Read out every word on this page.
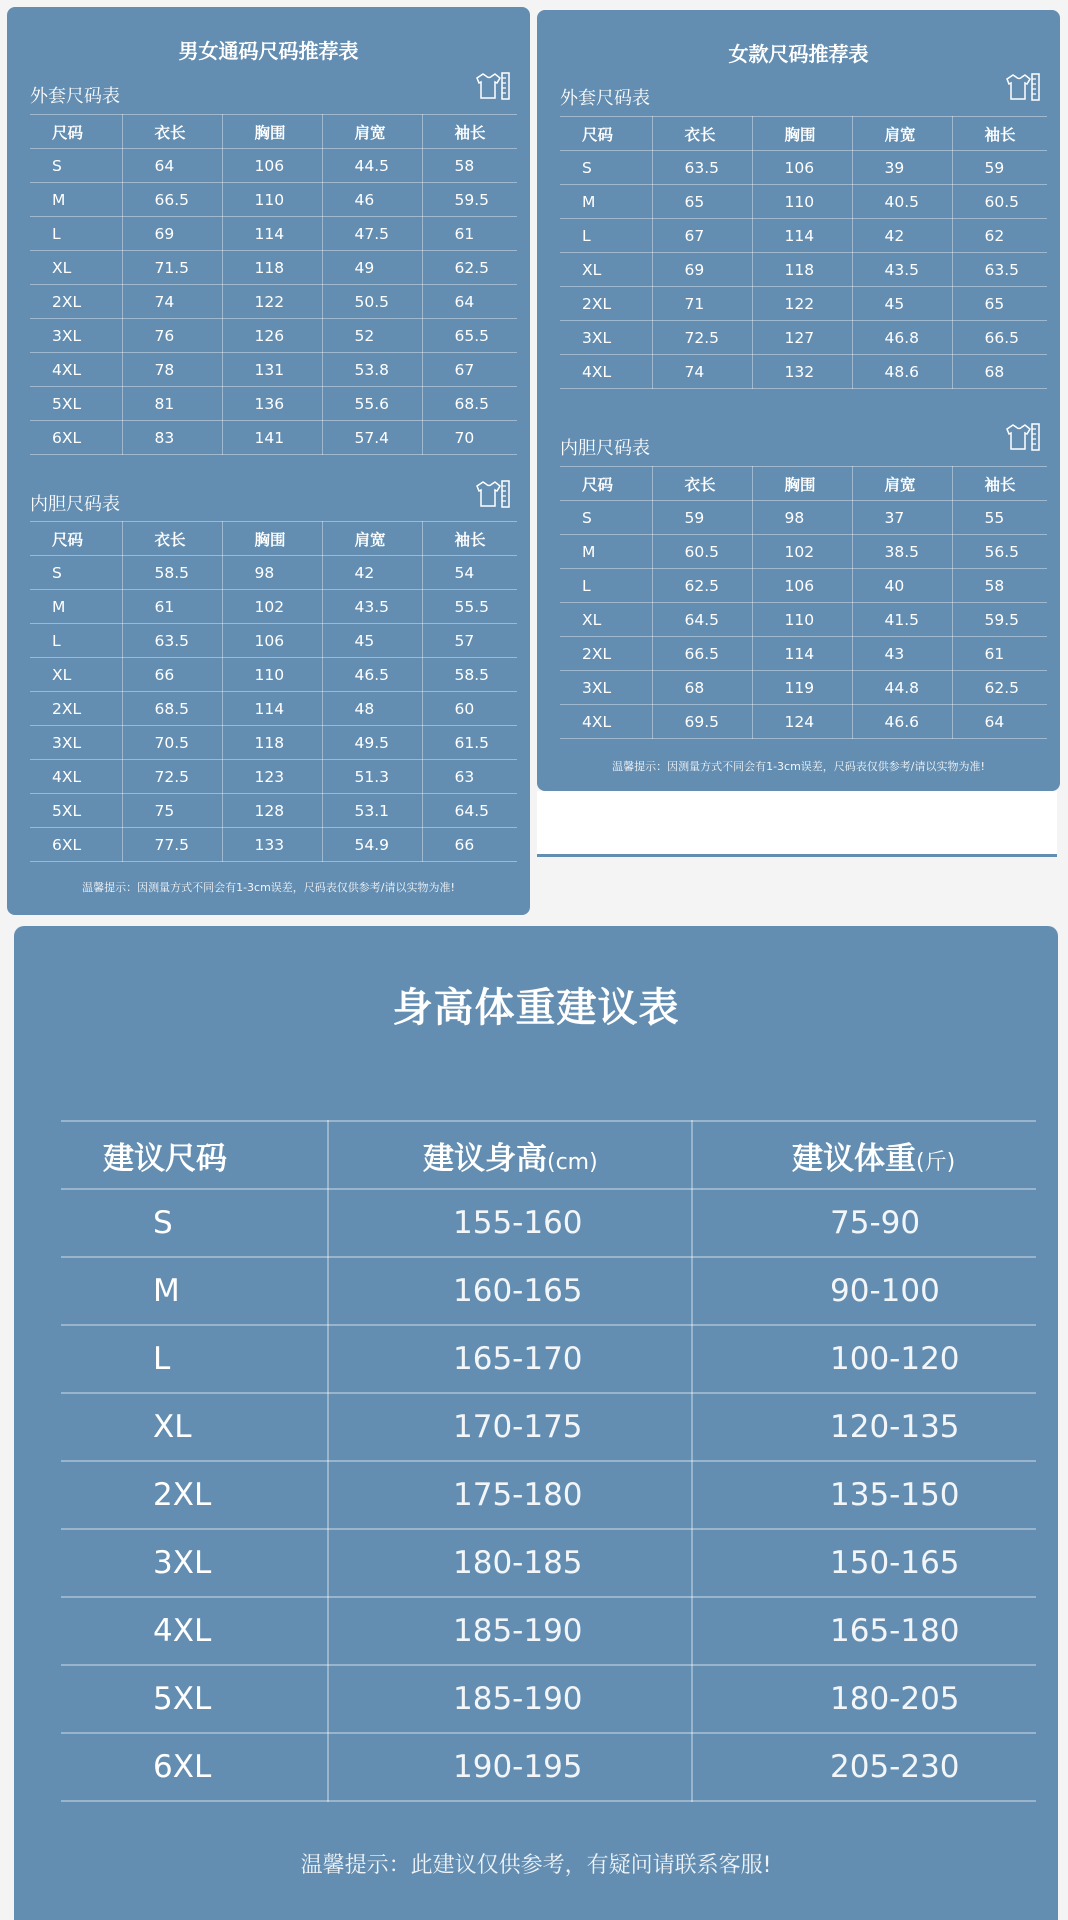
男女通码尺码推荐表
外套尺码表
尺码	衣长	胸围	肩宽	袖长
S	64	106	44.5	58
M	66.5	110	46	59.5
L	69	114	47.5	61
XL	71.5	118	49	62.5
2XL	74	122	50.5	64
3XL	76	126	52	65.5
4XL	78	131	53.8	67
5XL	81	136	55.6	68.5
6XL	83	141	57.4	70
内胆尺码表
尺码	衣长	胸围	肩宽	袖长
S	58.5	98	42	54
M	61	102	43.5	55.5
L	63.5	106	45	57
XL	66	110	46.5	58.5
2XL	68.5	114	48	60
3XL	70.5	118	49.5	61.5
4XL	72.5	123	51.3	63
5XL	75	128	53.1	64.5
6XL	77.5	133	54.9	66
温馨提示：因测量方式不同会有1-3cm误差，尺码表仅供参考/请以实物为准!
女款尺码推荐表
外套尺码表
尺码	衣长	胸围	肩宽	袖长
S	63.5	106	39	59
M	65	110	40.5	60.5
L	67	114	42	62
XL	69	118	43.5	63.5
2XL	71	122	45	65
3XL	72.5	127	46.8	66.5
4XL	74	132	48.6	68
内胆尺码表
尺码	衣长	胸围	肩宽	袖长
S	59	98	37	55
M	60.5	102	38.5	56.5
L	62.5	106	40	58
XL	64.5	110	41.5	59.5
2XL	66.5	114	43	61
3XL	68	119	44.8	62.5
4XL	69.5	124	46.6	64
温馨提示：因测量方式不同会有1-3cm误差，尺码表仅供参考/请以实物为准!
身高体重建议表
建议尺码	建议身高(cm)	建议体重(斤)
S	155-160	75-90
M	160-165	90-100
L	165-170	100-120
XL	170-175	120-135
2XL	175-180	135-150
3XL	180-185	150-165
4XL	185-190	165-180
5XL	185-190	180-205
6XL	190-195	205-230
温馨提示：此建议仅供参考，有疑问请联系客服!
